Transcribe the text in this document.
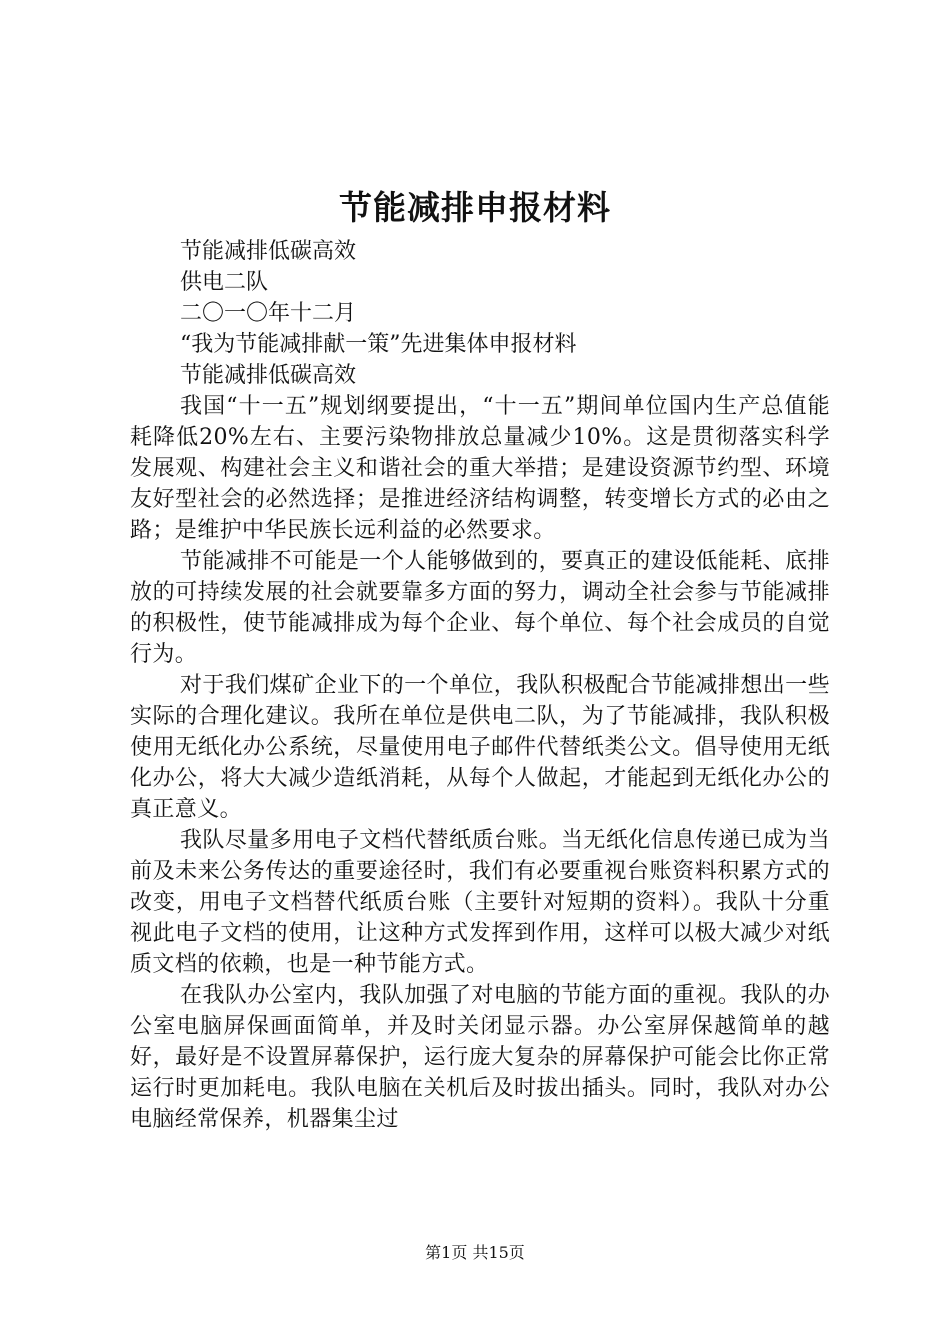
节能减排申报材料

节能减排低碳高效

供电二队

二〇一〇年十二月

“我为节能减排献一策”先进集体申报材料

节能减排低碳高效

我国“十一五”规划纲要提出，“十一五”期间单位国内生产总值能耗降低20%左右、主要污染物排放总量减少10%。这是贯彻落实科学发展观、构建社会主义和谐社会的重大举措；是建设资源节约型、环境友好型社会的必然选择；是推进经济结构调整，转变增长方式的必由之路；是维护中华民族长远利益的必然要求。

节能减排不可能是一个人能够做到的，要真正的建设低能耗、底排放的可持续发展的社会就要靠多方面的努力，调动全社会参与节能减排的积极性，使节能减排成为每个企业、每个单位、每个社会成员的自觉行为。

对于我们煤矿企业下的一个单位，我队积极配合节能减排想出一些实际的合理化建议。我所在单位是供电二队，为了节能减排，我队积极使用无纸化办公系统，尽量使用电子邮件代替纸类公文。倡导使用无纸化办公，将大大减少造纸消耗，从每个人做起，才能起到无纸化办公的真正意义。

我队尽量多用电子文档代替纸质台账。当无纸化信息传递已成为当前及未来公务传达的重要途径时，我们有必要重视台账资料积累方式的改变，用电子文档替代纸质台账（主要针对短期的资料）。我队十分重视此电子文档的使用，让这种方式发挥到作用，这样可以极大减少对纸质文档的依赖，也是一种节能方式。

在我队办公室内，我队加强了对电脑的节能方面的重视。我队的办公室电脑屏保画面简单，并及时关闭显示器。办公室屏保越简单的越好，最好是不设置屏幕保护，运行庞大复杂的屏幕保护可能会比你正常运行时更加耗电。我队电脑在关机后及时拔出插头。同时，我队对办公电脑经常保养，机器集尘过

第1页 共15页
